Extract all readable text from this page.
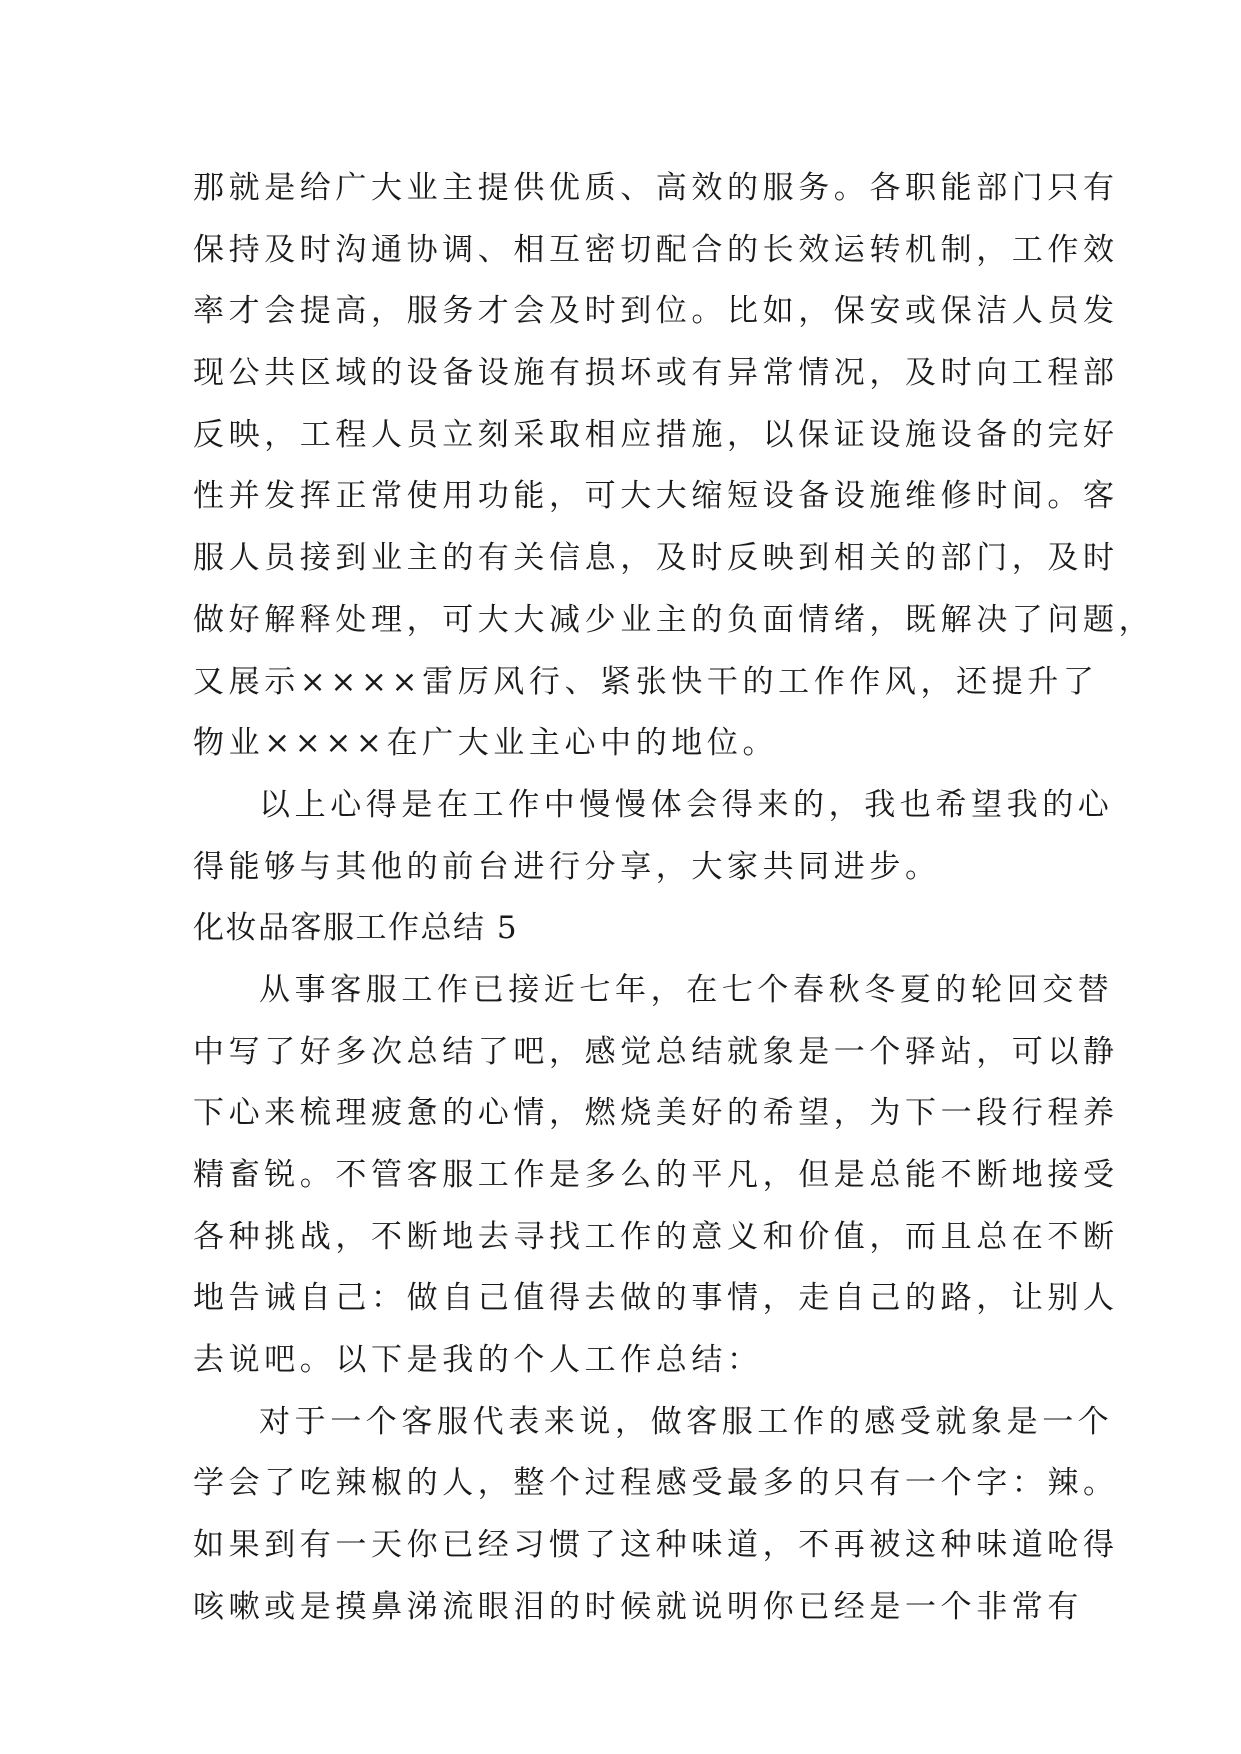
那就是给广大业主提供优质、高效的服务。各职能部门只有
保持及时沟通协调、相互密切配合的长效运转机制，工作效
率才会提高，服务才会及时到位。比如，保安或保洁人员发
现公共区域的设备设施有损坏或有异常情况，及时向工程部
反映，工程人员立刻采取相应措施，以保证设施设备的完好
性并发挥正常使用功能，可大大缩短设备设施维修时间。客
服人员接到业主的有关信息，及时反映到相关的部门，及时
做好解释处理，可大大减少业主的负面情绪，既解决了问题，
又展示××××雷厉风行、紧张快干的工作作风，还提升了
物业××××在广大业主心中的地位。
以上心得是在工作中慢慢体会得来的，我也希望我的心
得能够与其他的前台进行分享，大家共同进步。
化妆品客服工作总结 5
从事客服工作已接近七年，在七个春秋冬夏的轮回交替
中写了好多次总结了吧，感觉总结就象是一个驿站，可以静
下心来梳理疲惫的心情，燃烧美好的希望，为下一段行程养
精畜锐。不管客服工作是多么的平凡，但是总能不断地接受
各种挑战，不断地去寻找工作的意义和价值，而且总在不断
地告诫自己：做自己值得去做的事情，走自己的路，让别人
去说吧。以下是我的个人工作总结：
对于一个客服代表来说，做客服工作的感受就象是一个
学会了吃辣椒的人，整个过程感受最多的只有一个字：辣。
如果到有一天你已经习惯了这种味道，不再被这种味道呛得
咳嗽或是摸鼻涕流眼泪的时候就说明你已经是一个非常有
